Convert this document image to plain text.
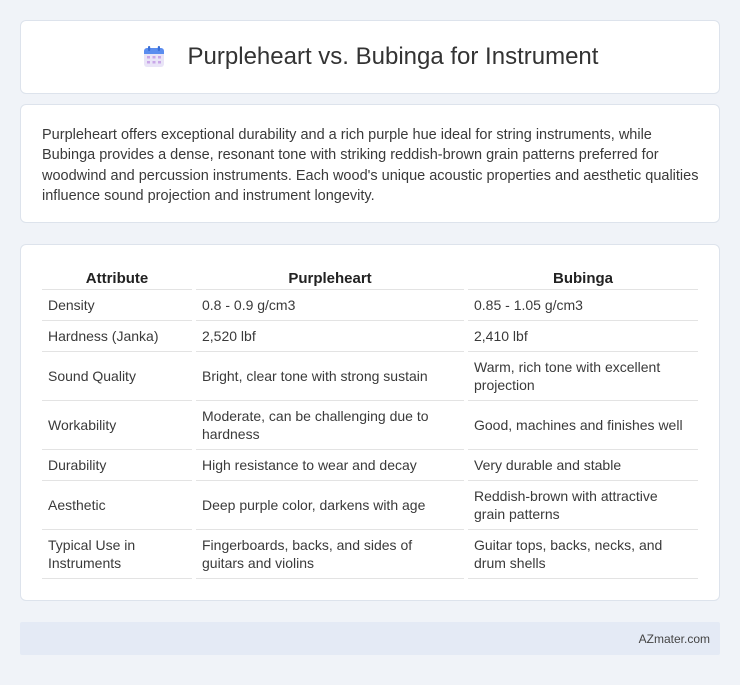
Purpleheart vs. Bubinga for Instrument

Purpleheart offers exceptional durability and a rich purple hue ideal for string instruments, while Bubinga provides a dense, resonant tone with striking reddish-brown grain patterns preferred for woodwind and percussion instruments. Each wood's unique acoustic properties and aesthetic qualities influence sound projection and instrument longevity.

Attribute		Purpleheart		Bubinga
Density		0.8 - 0.9 g/cm3		0.85 - 1.05 g/cm3
Hardness (Janka)		2,520 lbf		2,410 lbf
Sound Quality		Bright, clear tone with strong sustain		Warm, rich tone with excellent projection
Workability		Moderate, can be challenging due to hardness		Good, machines and finishes well
Durability		High resistance to wear and decay		Very durable and stable
Aesthetic		Deep purple color, darkens with age		Reddish-brown with attractive grain patterns
Typical Use in Instruments		Fingerboards, backs, and sides of guitars and violins		Guitar tops, backs, necks, and drum shells
AZmater.com
